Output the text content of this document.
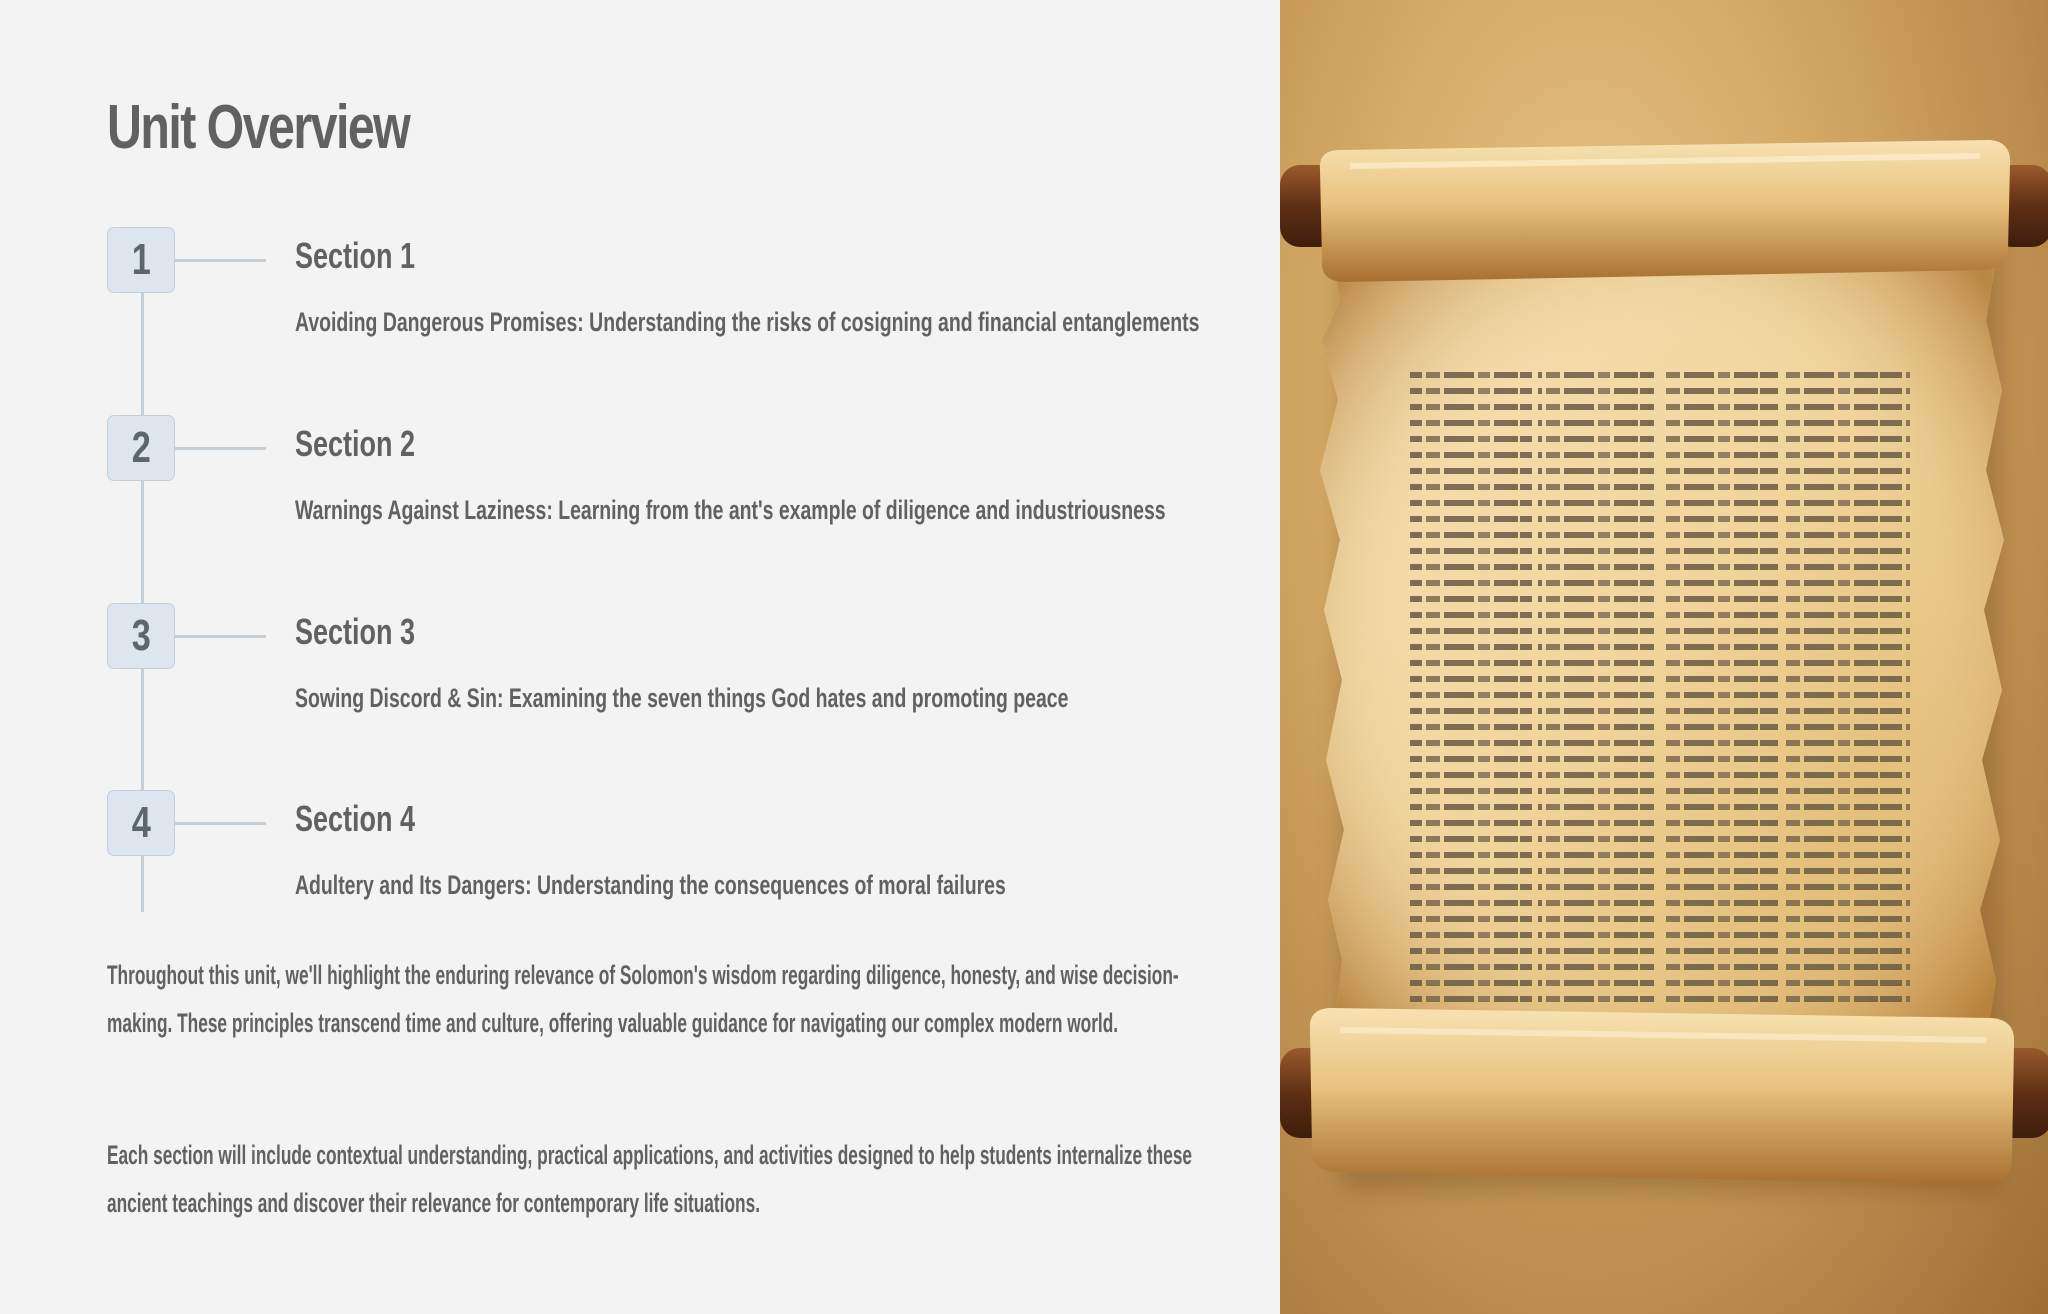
Unit Overview
1	Section 1

Avoiding Dangerous Promises: Understanding the risks of cosigning and financial entanglements

2	Section 2

Warnings Against Laziness: Learning from the ant's example of diligence and industriousness

3	Section 3

Sowing Discord & Sin: Examining the seven things God hates and promoting peace

4	Section 4

Adultery and Its Dangers: Understanding the consequences of moral failures

Throughout this unit, we'll highlight the enduring relevance of Solomon's wisdom regarding diligence, honesty, and wise decision-making. These principles transcend time and culture, offering valuable guidance for navigating our complex modern world.

Each section will include contextual understanding, practical applications, and activities designed to help students internalize these ancient teachings and discover their relevance for contemporary life situations.
